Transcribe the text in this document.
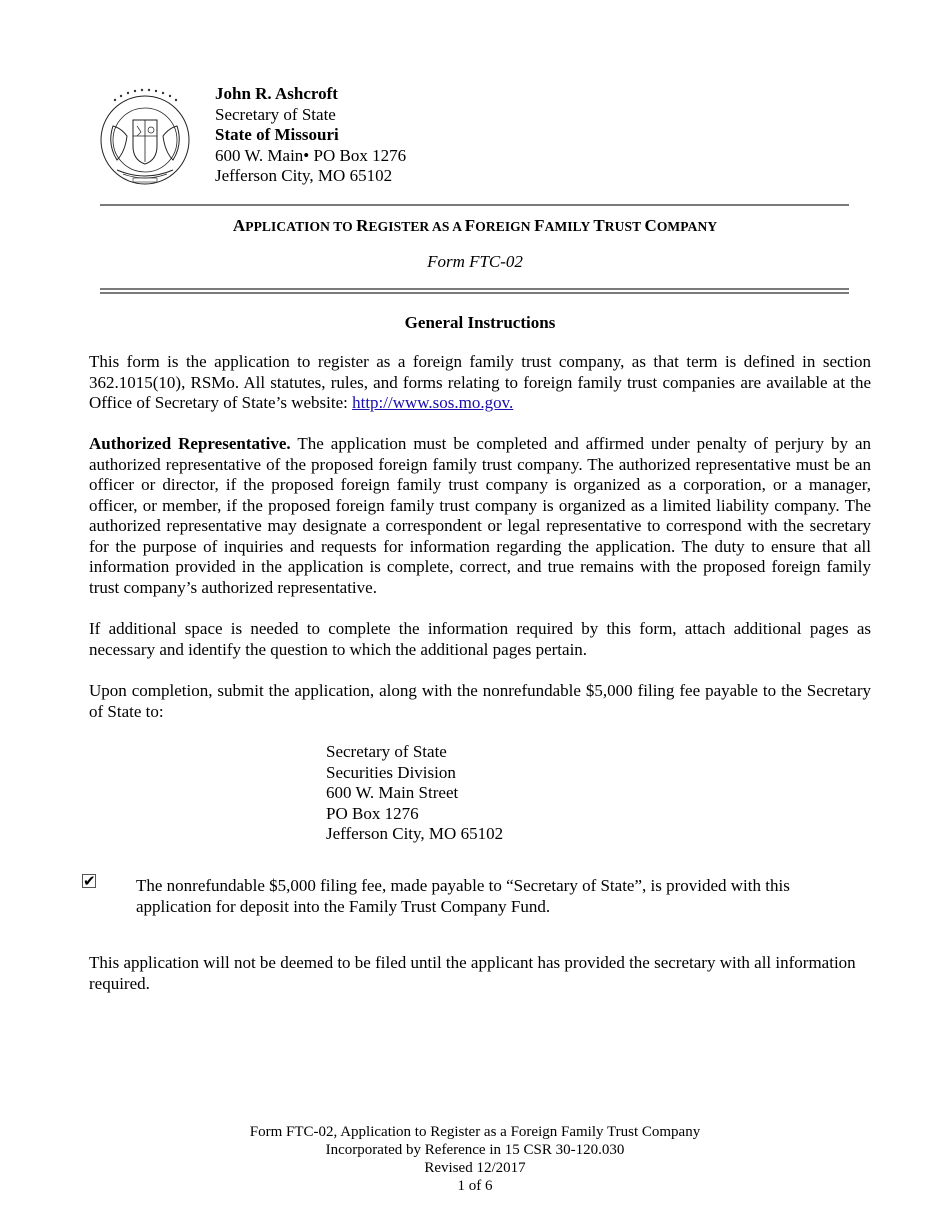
John R. Ashcroft
Secretary of State
State of Missouri
600 W. Main• PO Box 1276
Jefferson City, MO 65102
APPLICATION TO REGISTER AS A FOREIGN FAMILY TRUST COMPANY
Form FTC-02
General Instructions
This form is the application to register as a foreign family trust company, as that term is defined in section 362.1015(10), RSMo. All statutes, rules, and forms relating to foreign family trust companies are available at the Office of Secretary of State’s website: http://www.sos.mo.gov.
Authorized Representative. The application must be completed and affirmed under penalty of perjury by an authorized representative of the proposed foreign family trust company. The authorized representative must be an officer or director, if the proposed foreign family trust company is organized as a corporation, or a manager, officer, or member, if the proposed foreign family trust company is organized as a limited liability company. The authorized representative may designate a correspondent or legal representative to correspond with the secretary for the purpose of inquiries and requests for information regarding the application. The duty to ensure that all information provided in the application is complete, correct, and true remains with the proposed foreign family trust company’s authorized representative.
If additional space is needed to complete the information required by this form, attach additional pages as necessary and identify the question to which the additional pages pertain.
Upon completion, submit the application, along with the nonrefundable $5,000 filing fee payable to the Secretary of State to:
Secretary of State
Securities Division
600 W. Main Street
PO Box 1276
Jefferson City, MO 65102
✔ The nonrefundable $5,000 filing fee, made payable to “Secretary of State”, is provided with this application for deposit into the Family Trust Company Fund.
This application will not be deemed to be filed until the applicant has provided the secretary with all information required.
Form FTC-02, Application to Register as a Foreign Family Trust Company
Incorporated by Reference in 15 CSR 30-120.030
Revised 12/2017
1 of 6
